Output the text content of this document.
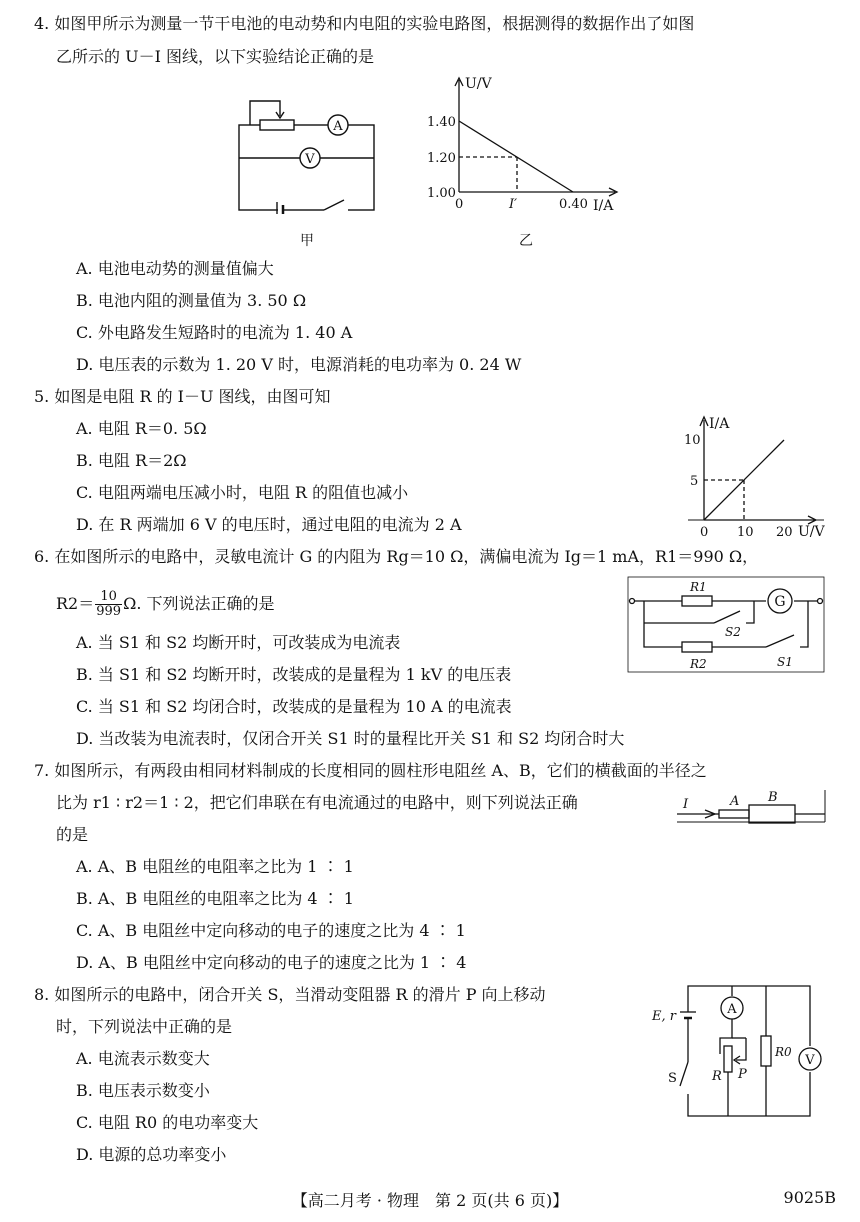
4. 如图甲所示为测量一节干电池的电动势和内电阻的实验电路图，根据测得的数据作出了如图
乙所示的 U－I 图线，以下实验结论正确的是
A
V
甲
U/V
I/A
1.40
1.20
1.00
0	I′	0.40
乙
A. 电池电动势的测量值偏大
B. 电池内阻的测量值为 3. 50 Ω
C. 外电路发生短路时的电流为 1. 40 A
D. 电压表的示数为 1. 20 V 时，电源消耗的电功率为 0. 24 W
5. 如图是电阻 R 的 I－U 图线，由图可知
A. 电阻 R＝0. 5Ω
B. 电阻 R＝2Ω
C. 电阻两端电压减小时，电阻 R 的阻值也减小
D. 在 R 两端加 6 V 的电压时，通过电阻的电流为 2 A
I/A
U/V
10
5
0 10 20
6. 在如图所示的电路中，灵敏电流计 G 的内阻为 Rg＝10 Ω，满偏电流为 Ig＝1 mA，R1＝990 Ω，
$R2= \frac{10}{999} \Omega$. 下列说法正确的是	G
R1
S2
R2	S1
A. 当 S1 和 S2 均断开时，可改装成为电流表
B. 当 S1 和 S2 均断开时，改装成的是量程为 1 kV 的电压表
C. 当 S1 和 S2 均闭合时，改装成的是量程为 10 A 的电流表
D. 当改装为电流表时，仅闭合开关 S1 时的量程比开关 S1 和 S2 均闭合时大
7. 如图所示，有两段由相同材料制成的长度相同的圆柱形电阻丝 A、B，它们的横截面的半径之
比为 r1 ∶ r2＝1 ∶ 2，把它们串联在有电流通过的电路中，则下列说法正确
的是
I	A B
A. A、B 电阻丝的电阻率之比为 1 ∶ 1
B. A、B 电阻丝的电阻率之比为 4 ∶ 1
C. A、B 电阻丝中定向移动的电子的速度之比为 4 ∶ 1
D. A、B 电阻丝中定向移动的电子的速度之比为 1 ∶ 4
8. 如图所示的电路中，闭合开关 S，当滑动变阻器 R 的滑片 P 向上移动
时，下列说法中正确的是
A
V
E, r
R0
R P
S
A. 电流表示数变大
B. 电压表示数变小
C. 电阻 R0 的电功率变大
D. 电源的总功率变小
【高二月考 · 物理　第 2 页(共 6 页)】	9025B
